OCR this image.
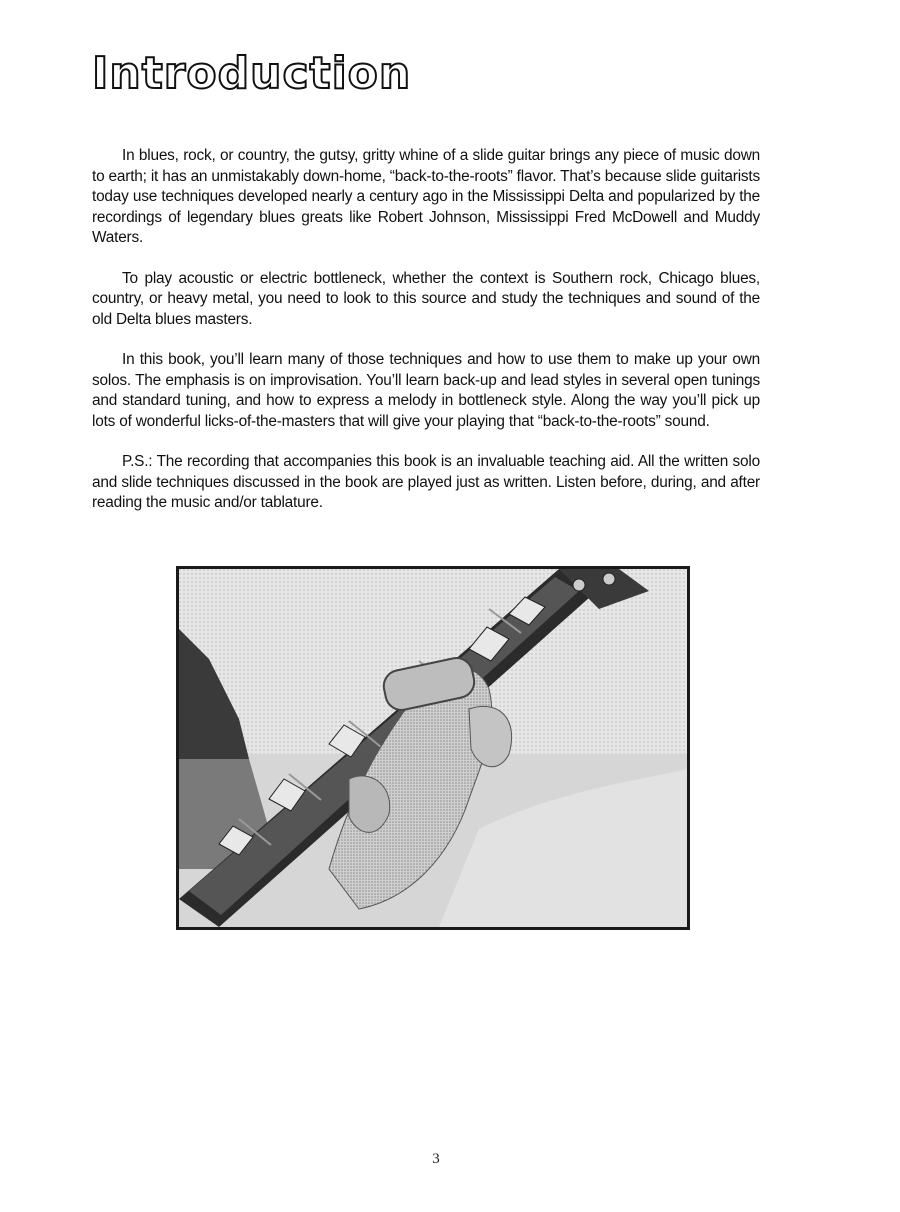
Introduction

In blues, rock, or country, the gutsy, gritty whine of a slide guitar brings any piece of music down to earth; it has an unmistakably down-home, “back-to-the-roots” flavor. That’s because slide guitarists today use techniques developed nearly a century ago in the Mississippi Delta and popularized by the recordings of legendary blues greats like Robert Johnson, Mississippi Fred McDowell and Muddy Waters.

To play acoustic or electric bottleneck, whether the context is Southern rock, Chicago blues, country, or heavy metal, you need to look to this source and study the techniques and sound of the old Delta blues masters.

In this book, you’ll learn many of those techniques and how to use them to make up your own solos. The emphasis is on improvisation. You’ll learn back-up and lead styles in several open tunings and standard tuning, and how to express a melody in bottleneck style. Along the way you’ll pick up lots of wonderful licks-of-the-masters that will give your playing that “back-to-the-roots” sound.

P.S.: The recording that accompanies this book is an invaluable teaching aid. All the written solo and slide techniques discussed in the book are played just as written. Listen before, during, and after reading the music and/or tablature.

3
